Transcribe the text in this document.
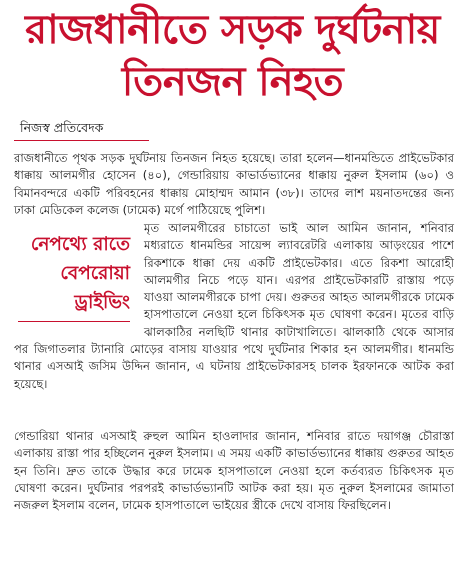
রাজধানীতে সড়ক দুর্ঘটনায়
তিনজন নিহত
নিজস্ব প্রতিবেদক
রাজধানীতে পৃথক সড়ক দুর্ঘটনায় তিনজন নিহত হয়েছে। তারা হলেন—ধানমন্ডিতে প্রাইভেটকার ধাক্কায় আলমগীর হোসেন (৪০), গেন্ডারিয়ায় কাভার্ডভ্যানের ধাক্কায় নুরুল ইসলাম (৬০) ও বিমানবন্দরে একটি পরিবহনের ধাক্কায় মোহাম্মদ আমান (৩৮)। তাদের লাশ ময়নাতদন্তের জন্য ঢাকা মেডিকেল কলেজ (ঢামেক) মর্গে পাঠিয়েছে পুলিশ।
মৃত আলমগীরের চাচাতো ভাই আল আমিন জানান, শনিবার মধ্যরাতে ধানমন্ডির সায়েন্স ল্যাবরেটরি এলাকায় আড়ংয়ের পাশে রিকশাকে ধাক্কা দেয় একটি প্রাইভেটকার। এতে রিকশা আরোহী আলমগীর নিচে পড়ে যান। এরপর প্রাইভেটকারটি রাস্তায় পড়ে যাওয়া আলমগীরকে চাপা দেয়। গুরুতর আহত আলমগীরকে ঢামেক হাসপাতালে নেওয়া হলে চিকিৎসক মৃত ঘোষণা করেন। মৃতের বাড়ি ঝালকাঠির নলছিটি থানার কাটাখালিতে। ঝালকাঠি থেকে আসার পর জিগাতলার ট্যানারি মোড়ের বাসায় যাওয়ার পথে দুর্ঘটনার শিকার হন আলমগীর। ধানমন্ডি থানার এসআই জসিম উদ্দিন জানান, এ ঘটনায় প্রাইভেটকারসহ চালক ইরফানকে আটক করা হয়েছে।
নেপথ্যে রাতে
বেপরোয়া
ড্রাইভিং
গেন্ডারিয়া থানার এসআই রুহুল আমিন হাওলাদার জানান, শনিবার রাতে দয়াগঞ্জ চৌরাস্তা এলাকায় রাস্তা পার হচ্ছিলেন নুরুল ইসলাম। এ সময় একটি কাভার্ডভ্যানের ধাক্কায় গুরুতর আহত হন তিনি। দ্রুত তাকে উদ্ধার করে ঢামেক হাসপাতালে নেওয়া হলে কর্তব্যরত চিকিৎসক মৃত ঘোষণা করেন। দুর্ঘটনার পরপরই কাভার্ডভ্যানটি আটক করা হয়। মৃত নুরুল ইসলামের জামাতা নজরুল ইসলাম বলেন, ঢামেক হাসপাতালে ভাইয়ের স্ত্রীকে দেখে বাসায় ফিরছিলেন।
